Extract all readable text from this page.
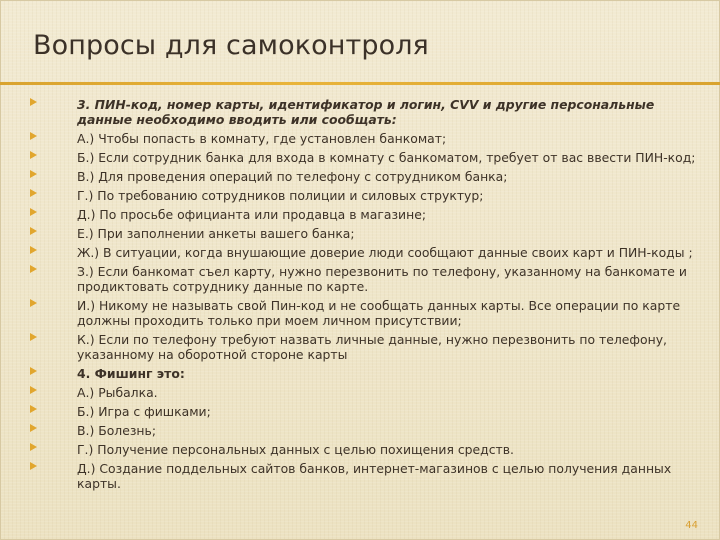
Вопросы для самоконтроля
3. ПИН-код, номер карты, идентификатор и логин, CVV и другие персональные данные необходимо вводить или сообщать:
А.) Чтобы попасть в комнату, где установлен банкомат;
Б.) Если сотрудник банка для входа в комнату с банкоматом, требует от вас ввести ПИН-код;
В.) Для проведения операций по телефону с сотрудником банка;
Г.) По требованию сотрудников полиции и силовых структур;
Д.) По просьбе официанта или продавца в магазине;
Е.) При заполнении анкеты вашего банка;
Ж.) В ситуации, когда внушающие доверие люди сообщают данные своих карт и ПИН-коды ;
З.) Если банкомат съел карту, нужно перезвонить по телефону, указанному на банкомате и продиктовать сотруднику данные по карте.
И.) Никому не называть свой Пин-код и не сообщать данных карты. Все операции по карте должны проходить только при моем личном присутствии;
К.) Если по телефону требуют назвать личные данные, нужно перезвонить по телефону, указанному на оборотной стороне карты
4. Фишинг это:
А.) Рыбалка.
Б.) Игра с фишками;
В.) Болезнь;
Г.) Получение персональных данных с целью похищения средств.
Д.) Создание поддельных сайтов банков, интернет-магазинов с целью получения данных карты.
44
